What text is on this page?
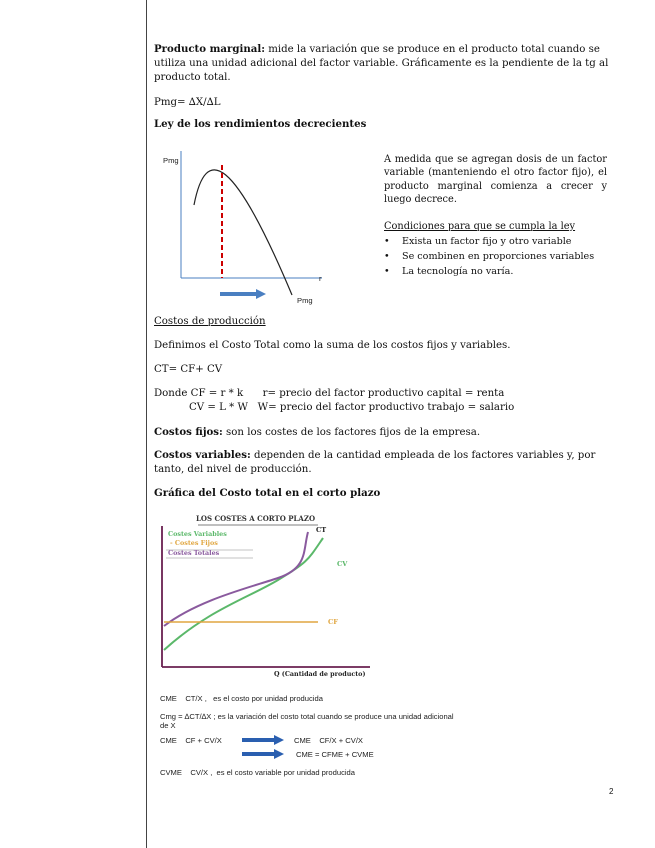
Producto marginal: mide la variación que se produce en el producto total cuando se utiliza una unidad adicional del factor variable. Gráficamente es la pendiente de la tg al producto total.

Pmg= ∆X/∆L

Ley de los rendimientos decrecientes

Pmg
r
Pmg

A medida que se agregan dosis de un factor variable (manteniendo el otro factor fijo), el producto marginal comienza a crecer y luego decrece.

Condiciones para que se cumpla la ley

• Exista un factor fijo y otro variable
• Se combinen en proporciones variables
• La tecnología no varía.

Costos de producción

Definimos el Costo Total como la suma de los costos fijos y variables.

CT= CF+ CV

Donde CF = r * k      r= precio del factor productivo capital = renta

CV = L * W   W= precio del factor productivo trabajo = salario

Costos fijos: son los costes de los factores fijos de la empresa.

Costos variables: dependen de la cantidad empleada de los factores variables y, por tanto, del nivel de producción.

Gráfica del Costo total en el corto plazo

LOS COSTES A CORTO PLAZO
Costes Variables
- Costes Fijos
Costes Totales
CT
CV
CF
Q (Cantidad de producto)
CME    CT/X ,   es el costo por unidad producida
Cmg = ∆CT/∆X ; es la variación del costo total cuando se produce una unidad adicional
de X
CME    CF + CV/X	CME    CF/X + CV/X
CME = CFME + CVME
CVME    CV/X ,  es el costo variable por unidad producida
2
